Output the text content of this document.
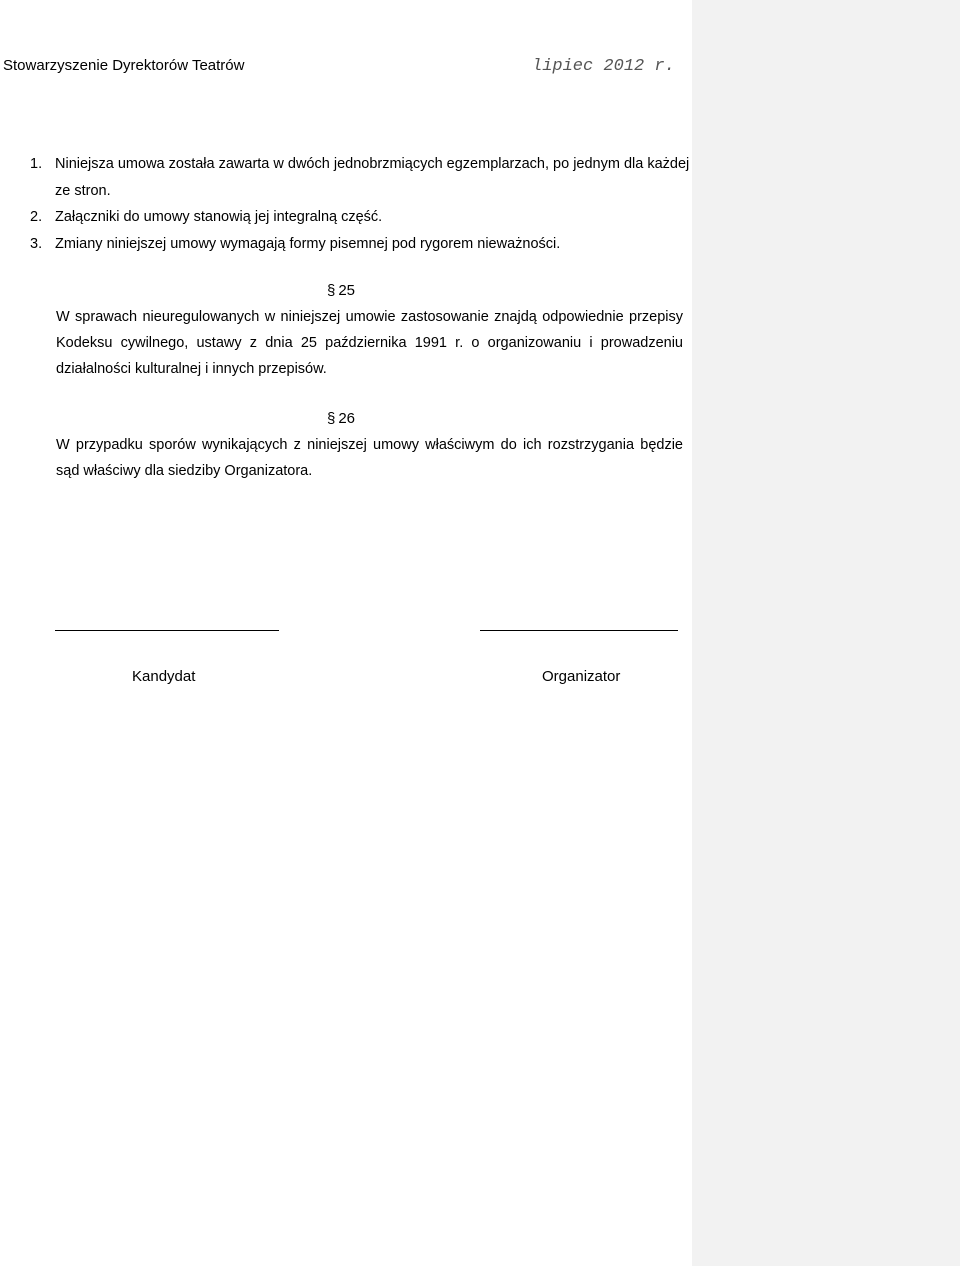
Stowarzyszenie Dyrektorów Teatrów	lipiec 2012 r.
1. Niniejsza umowa została zawarta w dwóch jednobrzmiących egzemplarzach, po jednym dla każdej ze stron.
2. Załączniki do umowy stanowią jej integralną część.
3. Zmiany niniejszej umowy wymagają formy pisemnej pod rygorem nieważności.
§ 25
W sprawach nieuregulowanych w niniejszej umowie zastosowanie znajdą odpowiednie przepisy Kodeksu cywilnego, ustawy z dnia 25 października 1991 r. o organizowaniu i prowadzeniu działalności kulturalnej i innych przepisów.
§ 26
W przypadku sporów wynikających z niniejszej umowy właściwym do ich rozstrzygania będzie sąd właściwy dla siedziby Organizatora.
Kandydat	Organizator
